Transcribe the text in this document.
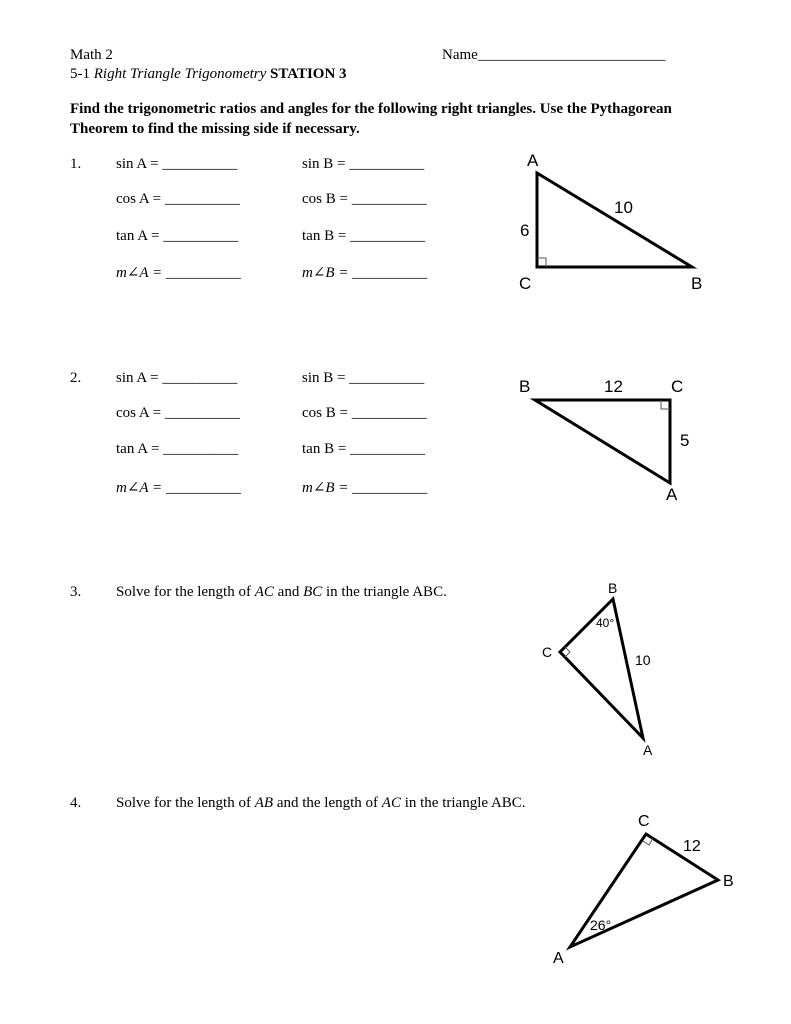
Math 2	Name_________________________
5-1 Right Triangle Trigonometry STATION 3
Find the trigonometric ratios and angles for the following right triangles. Use the Pythagorean Theorem to find the missing side if necessary.
1. sin A = __________
cos A = __________
tan A = __________
m∠A = __________
sin B = __________
cos B = __________
tan B = __________
m∠B = __________
2. sin A = __________
cos A = __________
tan A = __________
m∠A = __________
sin B = __________
cos B = __________
tan B = __________
m∠B = __________
3. Solve for the length of AC and BC in the triangle ABC.
4. Solve for the length of AB and the length of AC in the triangle ABC.
A
B
C
6
10
B	C
A
12
5
B
C
A
10
40°
C
B
A
12
26°
